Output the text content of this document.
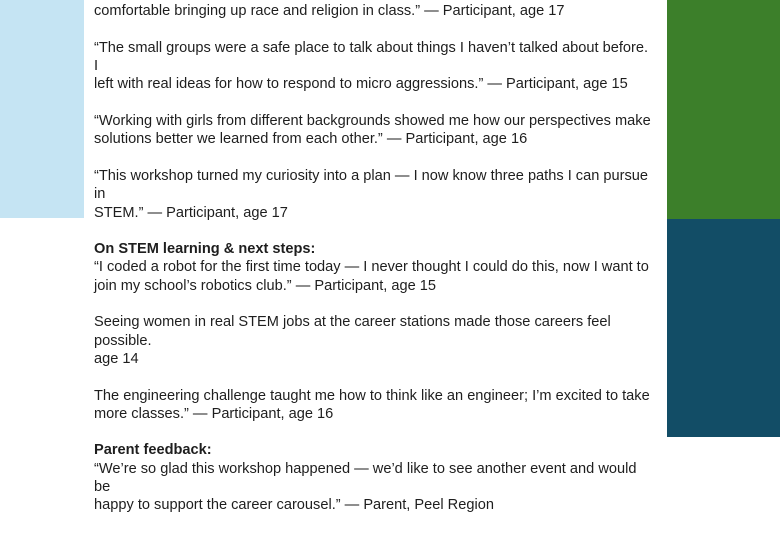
comfortable bringing up race and religion in class.” — Participant, age 17

“The small groups were a safe place to talk about things I haven’t talked about before. I
left with real ideas for how to respond to micro aggressions.” — Participant, age 15

“Working with girls from different backgrounds showed me how our perspectives make
solutions better we learned from each other.” — Participant, age 16

“This workshop turned my curiosity into a plan — I now know three paths I can pursue in
STEM.” — Participant, age 17

On STEM learning & next steps:

“I coded a robot for the first time today — I never thought I could do this, now I want to
join my school’s robotics club.” — Participant, age 15

Seeing women in real STEM jobs at the career stations made those careers feel possible.
age 14

The engineering challenge taught me how to think like an engineer; I’m excited to take
more classes.” — Participant, age 16

Parent feedback:

“We’re so glad this workshop happened — we’d like to see another event and would be
happy to support the career carousel.” — Parent, Peel Region
